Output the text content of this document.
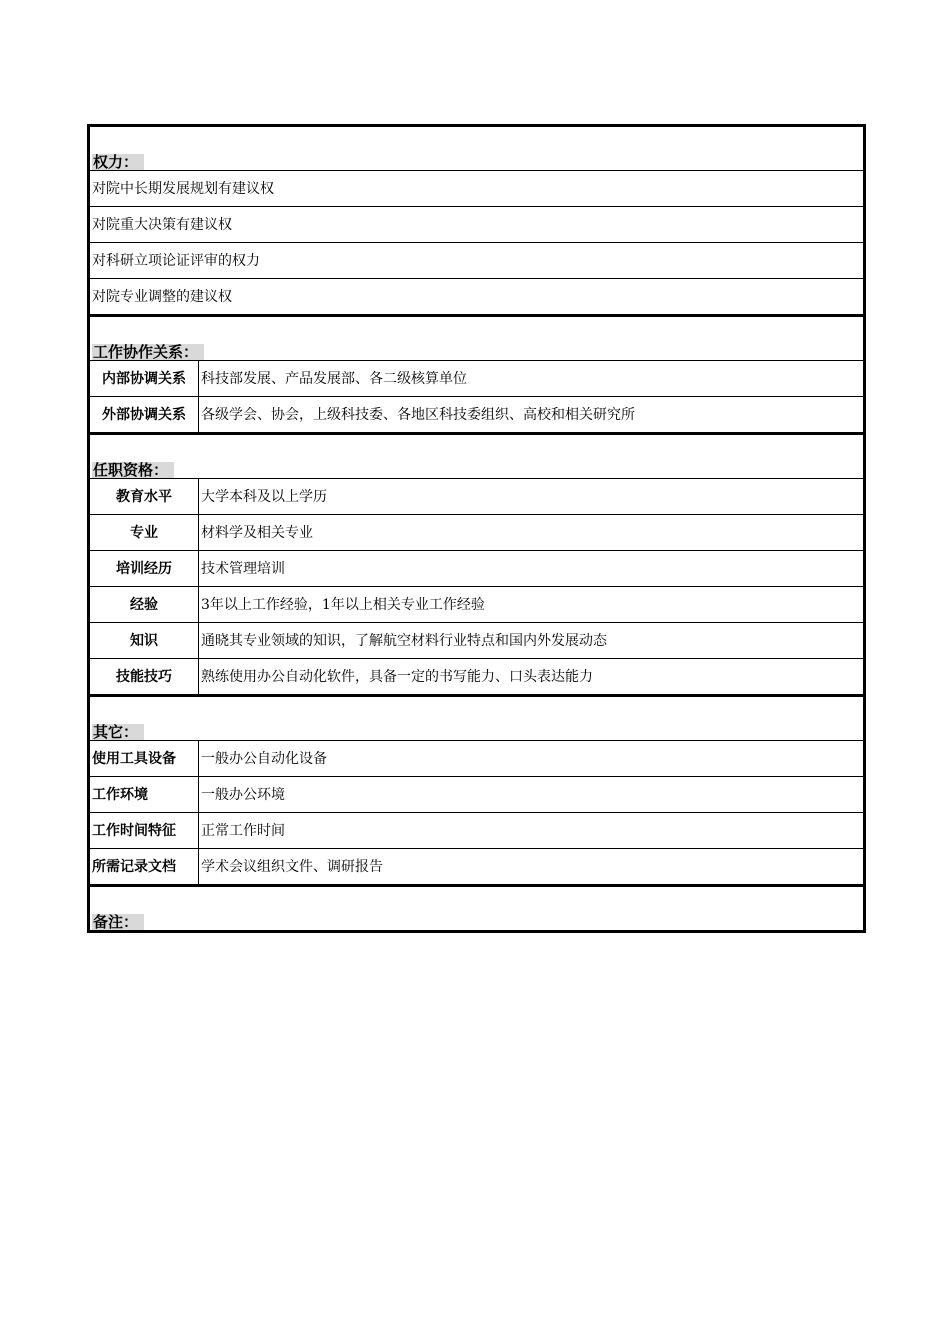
权力：	
对院中长期发展规划有建议权	
对院重大决策有建议权	
对科研立项论证评审的权力	
对院专业调整的建议权	
工作协作关系：	
内部协调关系	科技部发展、产品发展部、各二级核算单位
外部协调关系	各级学会、协会，上级科技委、各地区科技委组织、高校和相关研究所
任职资格：	
教育水平	大学本科及以上学历
专业	材料学及相关专业
培训经历	技术管理培训
经验	3年以上工作经验，1年以上相关专业工作经验
知识	通晓其专业领域的知识，了解航空材料行业特点和国内外发展动态
技能技巧	熟练使用办公自动化软件，具备一定的书写能力、口头表达能力
其它：	
使用工具设备	一般办公自动化设备
工作环境	一般办公环境
工作时间特征	正常工作时间
所需记录文档	学术会议组织文件、调研报告
备注：	
